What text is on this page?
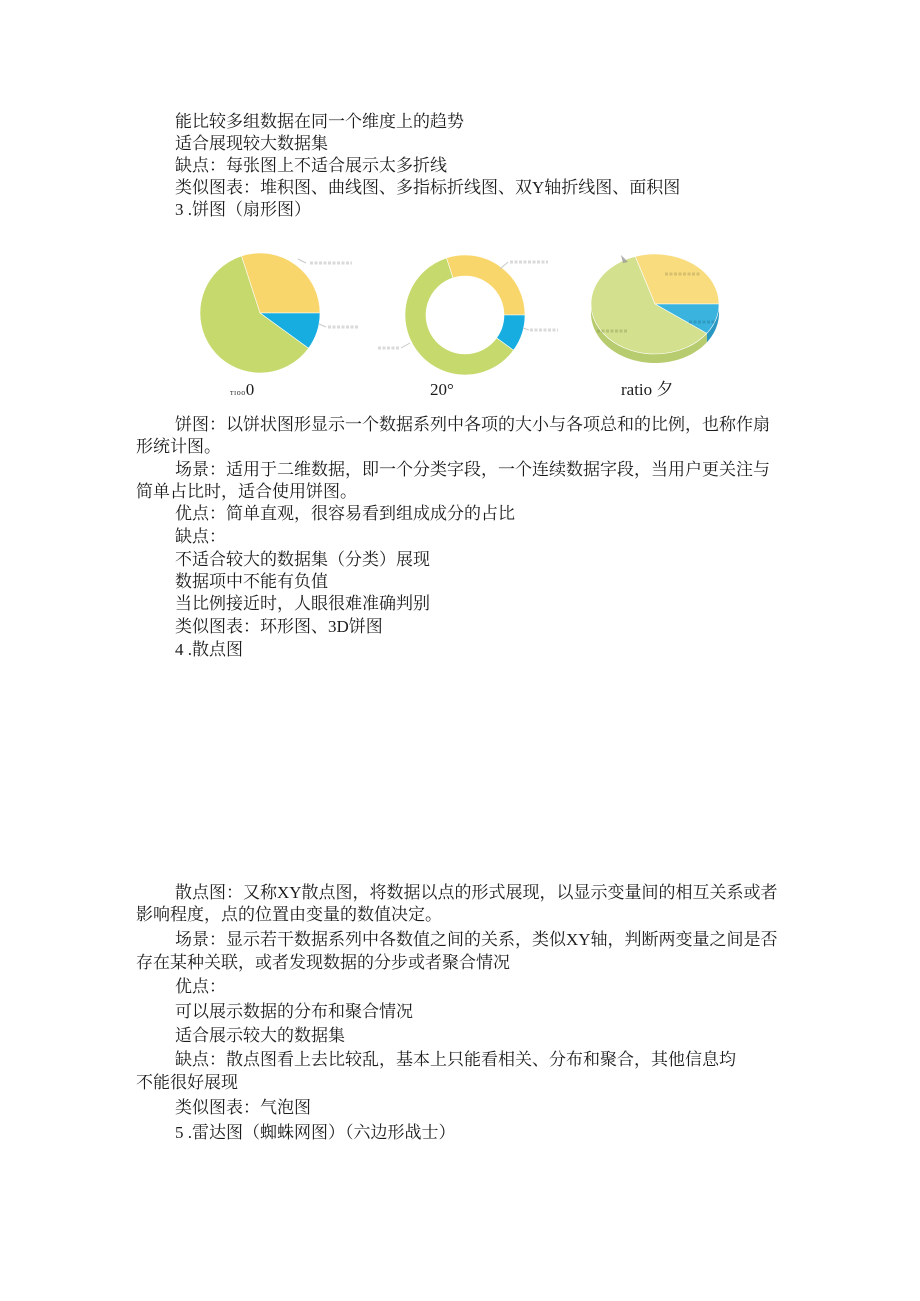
能比较多组数据在同一个维度上的趋势
适合展现较大数据集
缺点：每张图上不适合展示太多折线
类似图表：堆积图、曲线图、多指标折线图、双Y轴折线图、面积图
3 .饼图（扇形图）
ᴛɪᴏᴏ0	20°	ratio 夕
饼图：以饼状图形显示一个数据系列中各项的大小与各项总和的比例，也称作扇
形统计图。
场景：适用于二维数据，即一个分类字段，一个连续数据字段，当用户更关注与
简单占比时，适合使用饼图。
优点：简单直观，很容易看到组成成分的占比
缺点：
不适合较大的数据集（分类）展现
数据项中不能有负值
当比例接近时，人眼很难准确判别
类似图表：环形图、3D饼图
4 .散点图
散点图：又称XY散点图，将数据以点的形式展现，以显示变量间的相互关系或者
影响程度，点的位置由变量的数值决定。
场景：显示若干数据系列中各数值之间的关系，类似XY轴，判断两变量之间是否
存在某种关联，或者发现数据的分步或者聚合情况
优点：
可以展示数据的分布和聚合情况
适合展示较大的数据集
缺点：散点图看上去比较乱，基本上只能看相关、分布和聚合，其他信息均
不能很好展现
类似图表：气泡图
5 .雷达图（蜘蛛网图）（六边形战士）
